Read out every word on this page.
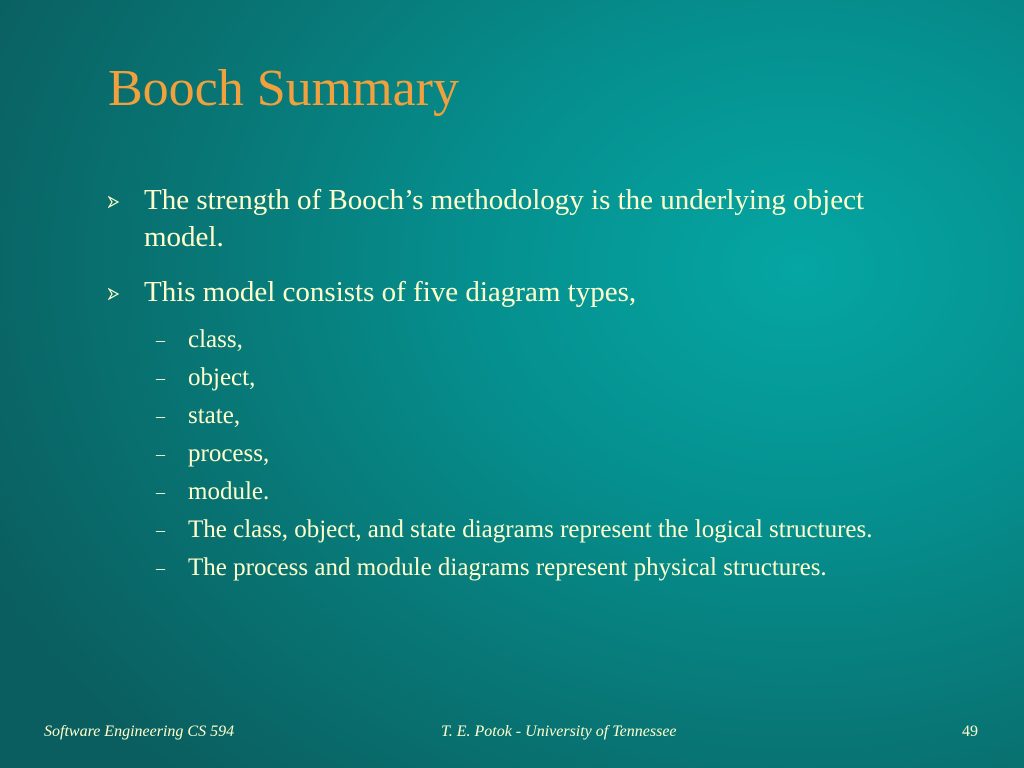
Booch Summary
The strength of Booch’s methodology is the underlying object model.
This model consists of five diagram types,
– class,
– object,
– state,
– process,
– module.
– The class, object, and state diagrams represent the logical structures.
– The process and module diagrams represent physical structures.
Software Engineering CS 594	T. E. Potok - University of Tennessee	49
